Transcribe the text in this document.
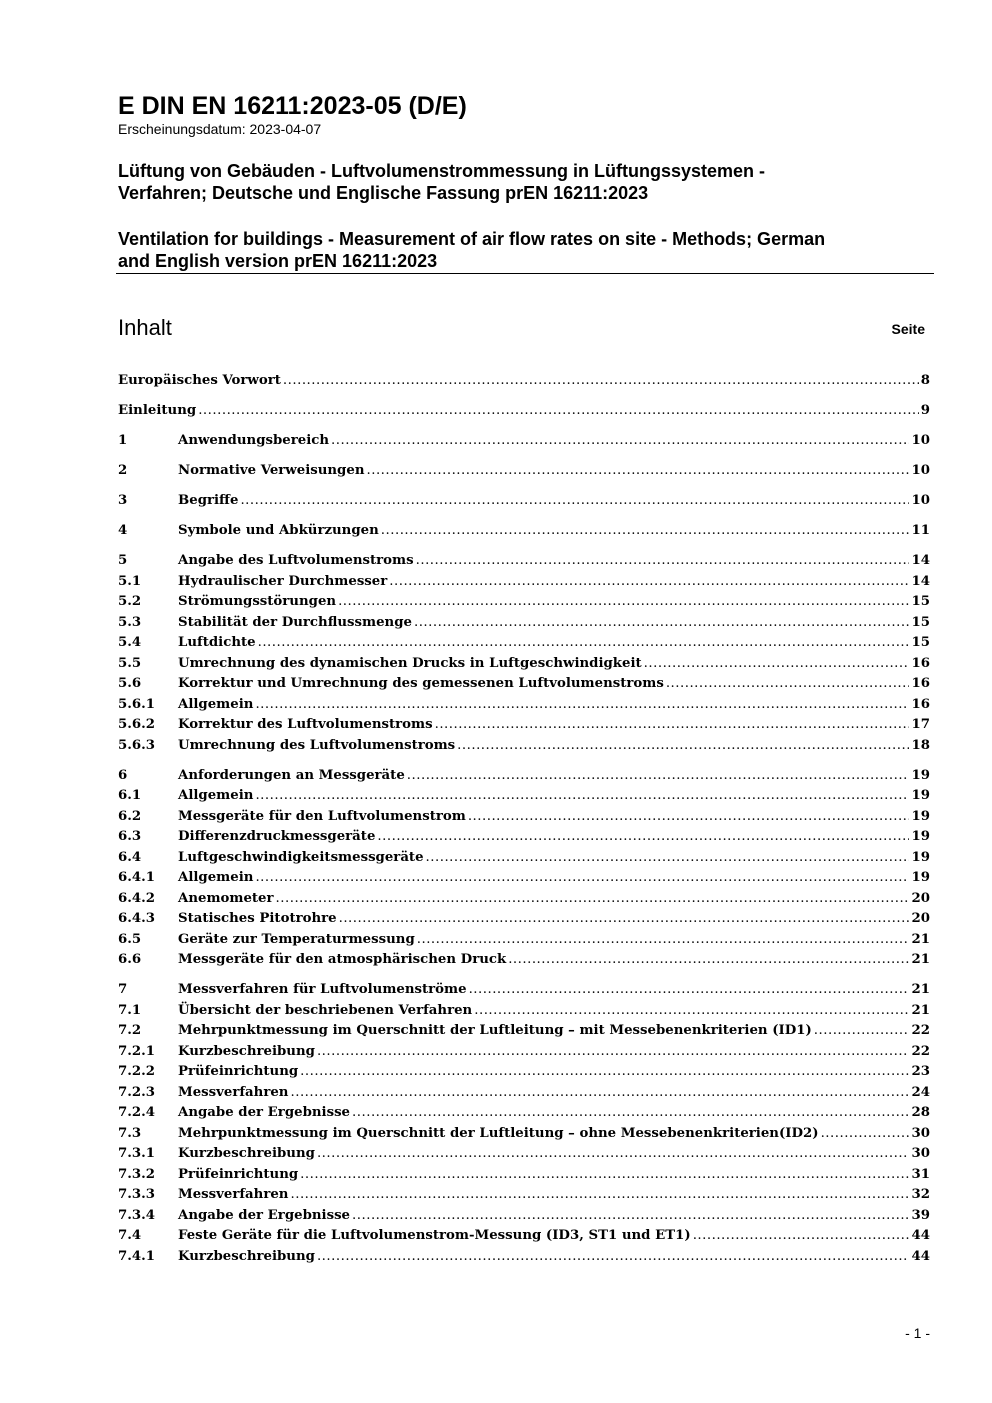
E DIN EN 16211:2023-05 (D/E)
Erscheinungsdatum: 2023-04-07
Lüftung von Gebäuden - Luftvolumenstrommessung in Lüftungssystemen -
Verfahren; Deutsche und Englische Fassung prEN 16211:2023
Ventilation for buildings - Measurement of air flow rates on site - Methods; German
and English version prEN 16211:2023
Inhalt	Seite
Europäisches Vorwort .....	8
Einleitung .....	9
1	Anwendungsbereich .....	10
2	Normative Verweisungen .....	10
3	Begriffe .....	10
4	Symbole und Abkürzungen .....	11
5	Angabe des Luftvolumenstroms .....	14
5.1	Hydraulischer Durchmesser .....	14
5.2	Strömungsstörungen .....	15
5.3	Stabilität der Durchflussmenge .....	15
5.4	Luftdichte .....	15
5.5	Umrechnung des dynamischen Drucks in Luftgeschwindigkeit .....	16
5.6	Korrektur und Umrechnung des gemessenen Luftvolumenstroms .....	16
5.6.1	Allgemein .....	16
5.6.2	Korrektur des Luftvolumenstroms .....	17
5.6.3	Umrechnung des Luftvolumenstroms .....	18
6	Anforderungen an Messgeräte .....	19
6.1	Allgemein .....	19
6.2	Messgeräte für den Luftvolumenstrom .....	19
6.3	Differenzdruckmessgeräte .....	19
6.4	Luftgeschwindigkeitsmessgeräte .....	19
6.4.1	Allgemein .....	19
6.4.2	Anemometer .....	20
6.4.3	Statisches Pitotrohre .....	20
6.5	Geräte zur Temperaturmessung .....	21
6.6	Messgeräte für den atmosphärischen Druck .....	21
7	Messverfahren für Luftvolumenströme .....	21
7.1	Übersicht der beschriebenen Verfahren .....	21
7.2	Mehrpunktmessung im Querschnitt der Luftleitung – mit Messebenenkriterien (ID1) .....	22
7.2.1	Kurzbeschreibung .....	22
7.2.2	Prüfeinrichtung .....	23
7.2.3	Messverfahren .....	24
7.2.4	Angabe der Ergebnisse .....	28
7.3	Mehrpunktmessung im Querschnitt der Luftleitung – ohne Messebenenkriterien(ID2) .....	30
7.3.1	Kurzbeschreibung .....	30
7.3.2	Prüfeinrichtung .....	31
7.3.3	Messverfahren .....	32
7.3.4	Angabe der Ergebnisse .....	39
7.4	Feste Geräte für die Luftvolumenstrom-Messung (ID3, ST1 und ET1) .....	44
7.4.1	Kurzbeschreibung .....	44
- 1 -
